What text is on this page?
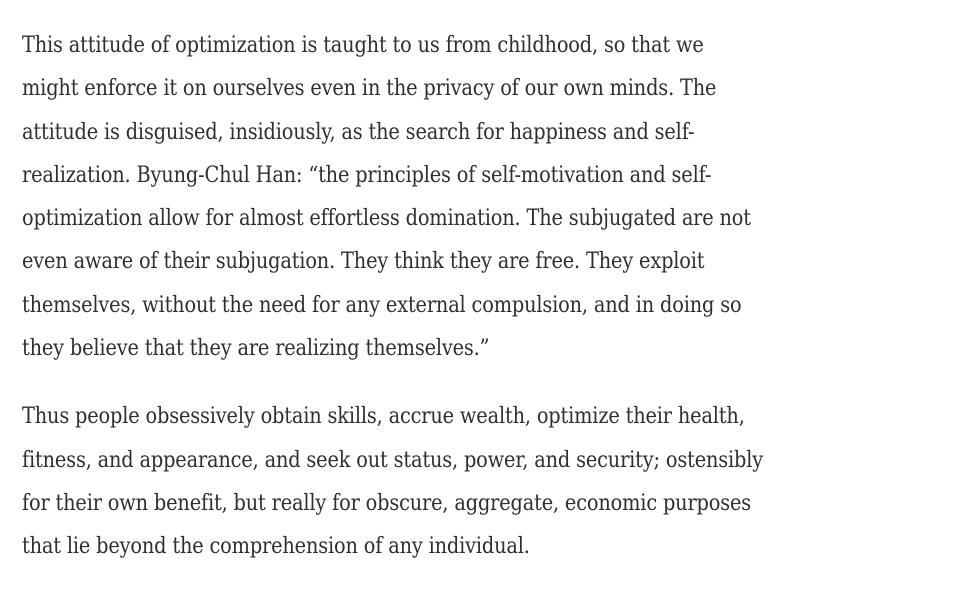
This attitude of optimization is taught to us from childhood, so that we
might enforce it on ourselves even in the privacy of our own minds. The
attitude is disguised, insidiously, as the search for happiness and self-
realization. Byung-Chul Han: “the principles of self-motivation and self-
optimization allow for almost effortless domination. The subjugated are not
even aware of their subjugation. They think they are free. They exploit
themselves, without the need for any external compulsion, and in doing so
they believe that they are realizing themselves.”

Thus people obsessively obtain skills, accrue wealth, optimize their health,
fitness, and appearance, and seek out status, power, and security; ostensibly
for their own benefit, but really for obscure, aggregate, economic purposes
that lie beyond the comprehension of any individual.
